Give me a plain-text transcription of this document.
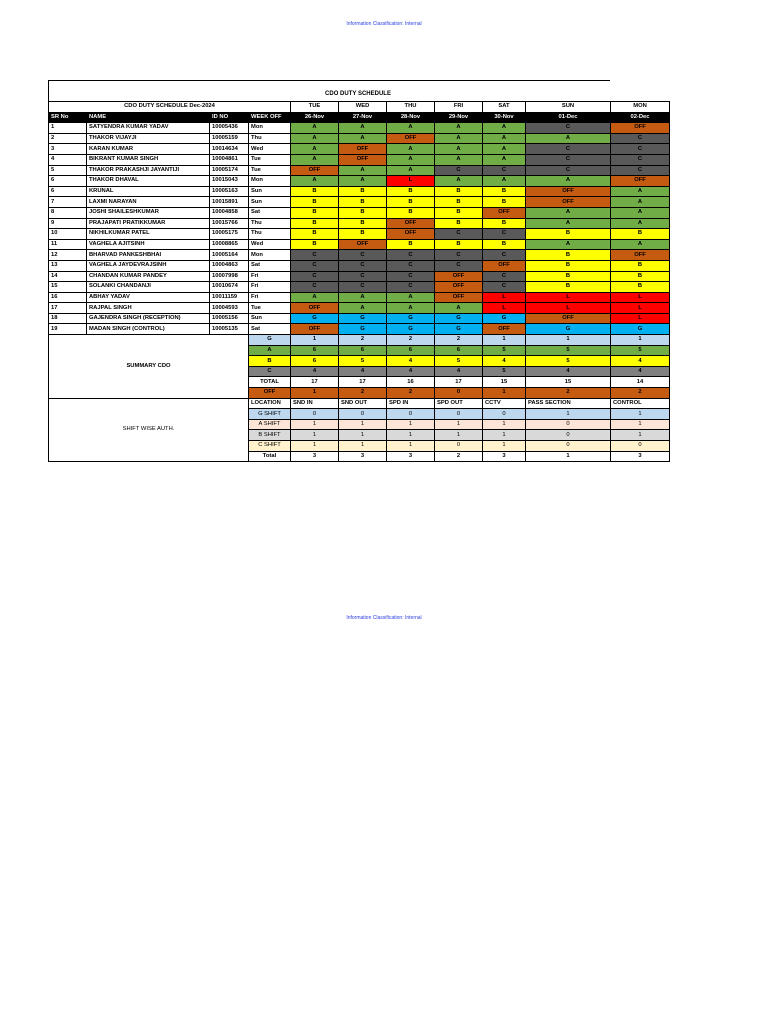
Information Classification: Internal
CDO DUTY SCHEDULE
CDO DUTY SCHEDULE Dec-2024				TUE	WED	THU	FRI	SAT	SUN	MON
SR No	NAME	ID NO	WEEK OFF	26-Nov	27-Nov	28-Nov	29-Nov	30-Nov	01-Dec	02-Dec
1	SATYENDRA KUMAR YADAV	10005436	Mon	A	A	A	A	A	C	OFF
2	THAKOR VIJAYJI	10005159	Thu	A	A	OFF	A	A	A	C
3	KARAN KUMAR	10014634	Wed	A	OFF	A	A	A	C	C
4	BIKRANT KUMAR SINGH	10004861	Tue	A	OFF	A	A	A	C	C
5	THAKOR PRAKASHJI JAYANTIJI	10005174	Tue	OFF	A	A	C	C	C	C
6	THAKOR DHAVAL	10015043	Mon	A	A	L	A	A	A	OFF
6	KRUNAL	10005163	Sun	B	B	B	B	B	OFF	A
7	LAXMI NARAYAN	10015891	Sun	B	B	B	B	B	OFF	A
8	JOSHI SHAILESHKUMAR	10004858	Sat	B	B	B	B	OFF	A	A
9	PRAJAPATI PRATIKKUMAR	10015766	Thu	B	B	OFF	B	B	A	A
10	NIKHILKUMAR PATEL	10005175	Thu	B	B	OFF	C	C	B	B
11	VAGHELA AJITSINH	10008865	Wed	B	OFF	B	B	B	A	A
12	BHARVAD PANKESHBHAI	10005164	Mon	C	C	C	C	C	B	OFF
13	VAGHELA JAYDEVRAJSINH	10004863	Sat	C	C	C	C	OFF	B	B
14	CHANDAN KUMAR PANDEY	10007998	Fri	C	C	C	OFF	C	B	B
15	SOLANKI CHANDANJI	10010674	Fri	C	C	C	OFF	C	B	B
16	ABHAY YADAV	10011159	Fri	A	A	A	OFF	L	L	L
17	RAJPAL SINGH	10004593	Tue	OFF	A	A	A	L	L	L
18	GAJENDRA SINGH (RECEPTION)	10005156	Sun	G	G	G	G	G	OFF	L
19	MADAN SINGH (CONTROL)	10005135	Sat	OFF	G	G	G	OFF	G	G
SUMMARY CDO			G	1	2	2	2	1	1	1
			A	6	6	6	6	5	5	5
			B	6	5	4	5	4	5	4
			C	4	4	4	4	5	4	4
			TOTAL	17	17	16	17	15	15	14
			OFF	1	2	2	0	1	2	2
SHIFT WISE AUTH.			LOCATION	SND IN	SND OUT	SPD IN	SPD OUT	CCTV	PASS SECTION	CONTROL
			G SHIFT	0	0	0	0	0	1	1
			A SHIFT	1	1	1	1	1	0	1
			B SHIFT	1	1	1	1	1	0	1
			C SHIFT	1	1	1	0	1	0	0
			Total	3	3	3	2	3	1	3
Information Classification: Internal
